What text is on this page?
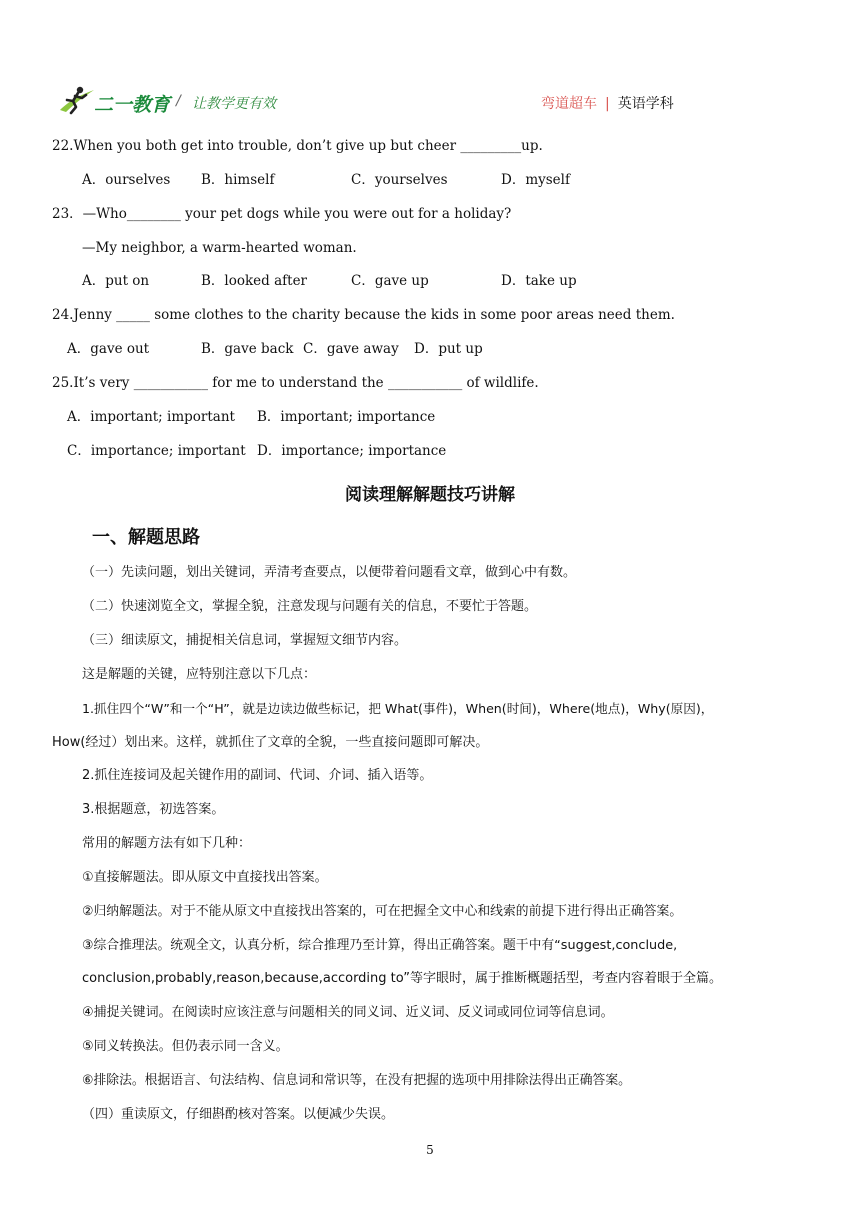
二一教育 / 让教学更有效	弯道超车 | 英语学科
22.When you both get into trouble, don’t give up but cheer _________up.
A．ourselves B．himself	C．yourselves	D．myself
23．—Who________ your pet dogs while you were out for a holiday?
—My neighbor, a warm-hearted woman.
A．put on	B．looked after	C．gave up	D．take up
24.Jenny _____ some clothes to the charity because the kids in some poor areas need them.
A．gave out	B．gave back C．gave away D．put up
25.It’s very ___________ for me to understand the ___________ of wildlife.
A．important; important B．important; importance
C．importance; important D．importance; importance
阅读理解解题技巧讲解
一、解题思路
（一）先读问题，划出关键词，弄清考查要点，以便带着问题看文章，做到心中有数。
（二）快速浏览全文，掌握全貌，注意发现与问题有关的信息，不要忙于答题。
（三）细读原文，捕捉相关信息词，掌握短文细节内容。
这是解题的关键，应特别注意以下几点：
1.抓住四个“W”和一个“H”，就是边读边做些标记，把 What(事件)，When(时间)，Where(地点)，Why(原因)，
How(经过）划出来。这样，就抓住了文章的全貌，一些直接问题即可解决。
2.抓住连接词及起关键作用的副词、代词、介词、插入语等。
3.根据题意，初选答案。
常用的解题方法有如下几种：
①直接解题法。即从原文中直接找出答案。
②归纳解题法。对于不能从原文中直接找出答案的，可在把握全文中心和线索的前提下进行得出正确答案。
③综合推理法。统观全文，认真分析，综合推理乃至计算，得出正确答案。题干中有“suggest,conclude,
conclusion,probably,reason,because,according to”等字眼时，属于推断概题括型，考查内容着眼于全篇。
④捕捉关键词。在阅读时应该注意与问题相关的同义词、近义词、反义词或同位词等信息词。
⑤同义转换法。但仍表示同一含义。
⑥排除法。根据语言、句法结构、信息词和常识等，在没有把握的选项中用排除法得出正确答案。
（四）重读原文，仔细斟酌核对答案。以便减少失误。
5
